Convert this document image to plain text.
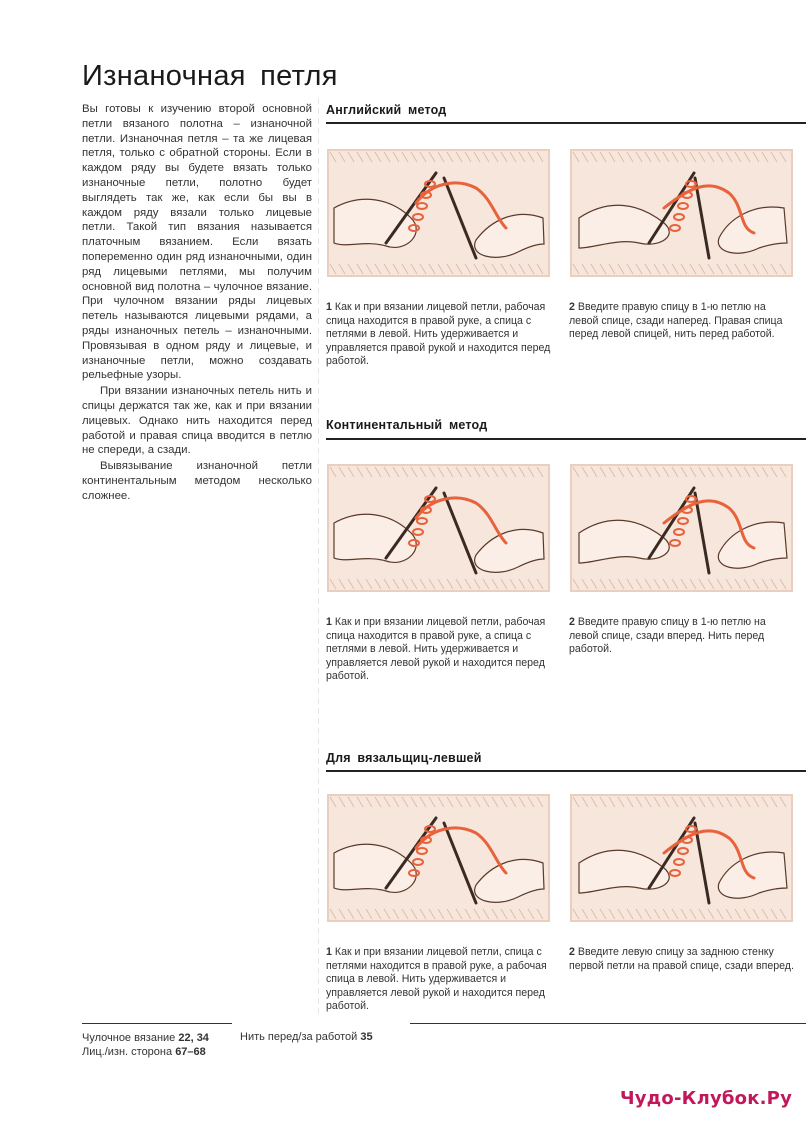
Изнаночная петля

Вы готовы к изучению второй основной петли вязаного полотна – изнаночной петли. Изнаночная петля – та же лицевая петля, только с обратной стороны. Если в каждом ряду вы будете вязать только изнаночные петли, полотно будет выглядеть так же, как если бы вы в каждом ряду вязали только лицевые петли. Такой тип вязания называется платочным вязанием. Если вязать попеременно один ряд изнаночными, один ряд лицевыми петлями, мы получим основной вид полотна – чулочное вязание. При чулочном вязании ряды лицевых петель называются лицевыми рядами, а ряды изнаночных петель – изнаночными. Провязывая в одном ряду и лицевые, и изнаночные петли, можно создавать рельефные узоры.

При вязании изнаночных петель нить и спицы держатся так же, как и при вязании лицевых. Однако нить находится перед работой и правая спица вводится в петлю не спереди, а сзади.

Вывязывание изнаночной петли континентальным методом несколько сложнее.

Английский метод
1 Как и при вязании лицевой петли, рабочая спица находится в правой руке, а спица с петлями в левой. Нить удерживается и управляется правой рукой и находится перед работой.
2 Введите правую спицу в 1-ю петлю на левой спице, сзади наперед. Правая спица перед левой спицей, нить перед работой.
Континентальный метод
1 Как и при вязании лицевой петли, рабочая спица находится в правой руке, а спица с петлями в левой. Нить удерживается и управляется левой рукой и находится перед работой.
2 Введите правую спицу в 1-ю петлю на левой спице, сзади вперед. Нить перед работой.
Для вязальщиц-левшей
1 Как и при вязании лицевой петли, спица с петлями находится в правой руке, а рабочая спица в левой. Нить удерживается и управляется левой рукой и находится перед работой.
2 Введите левую спицу за заднюю стенку первой петли на правой спице, сзади вперед.
Чулочное вязание 22, 34
Лиц./изн. сторона 67–68
Нить перед/за работой 35
Чудо-Клубок.Ру
